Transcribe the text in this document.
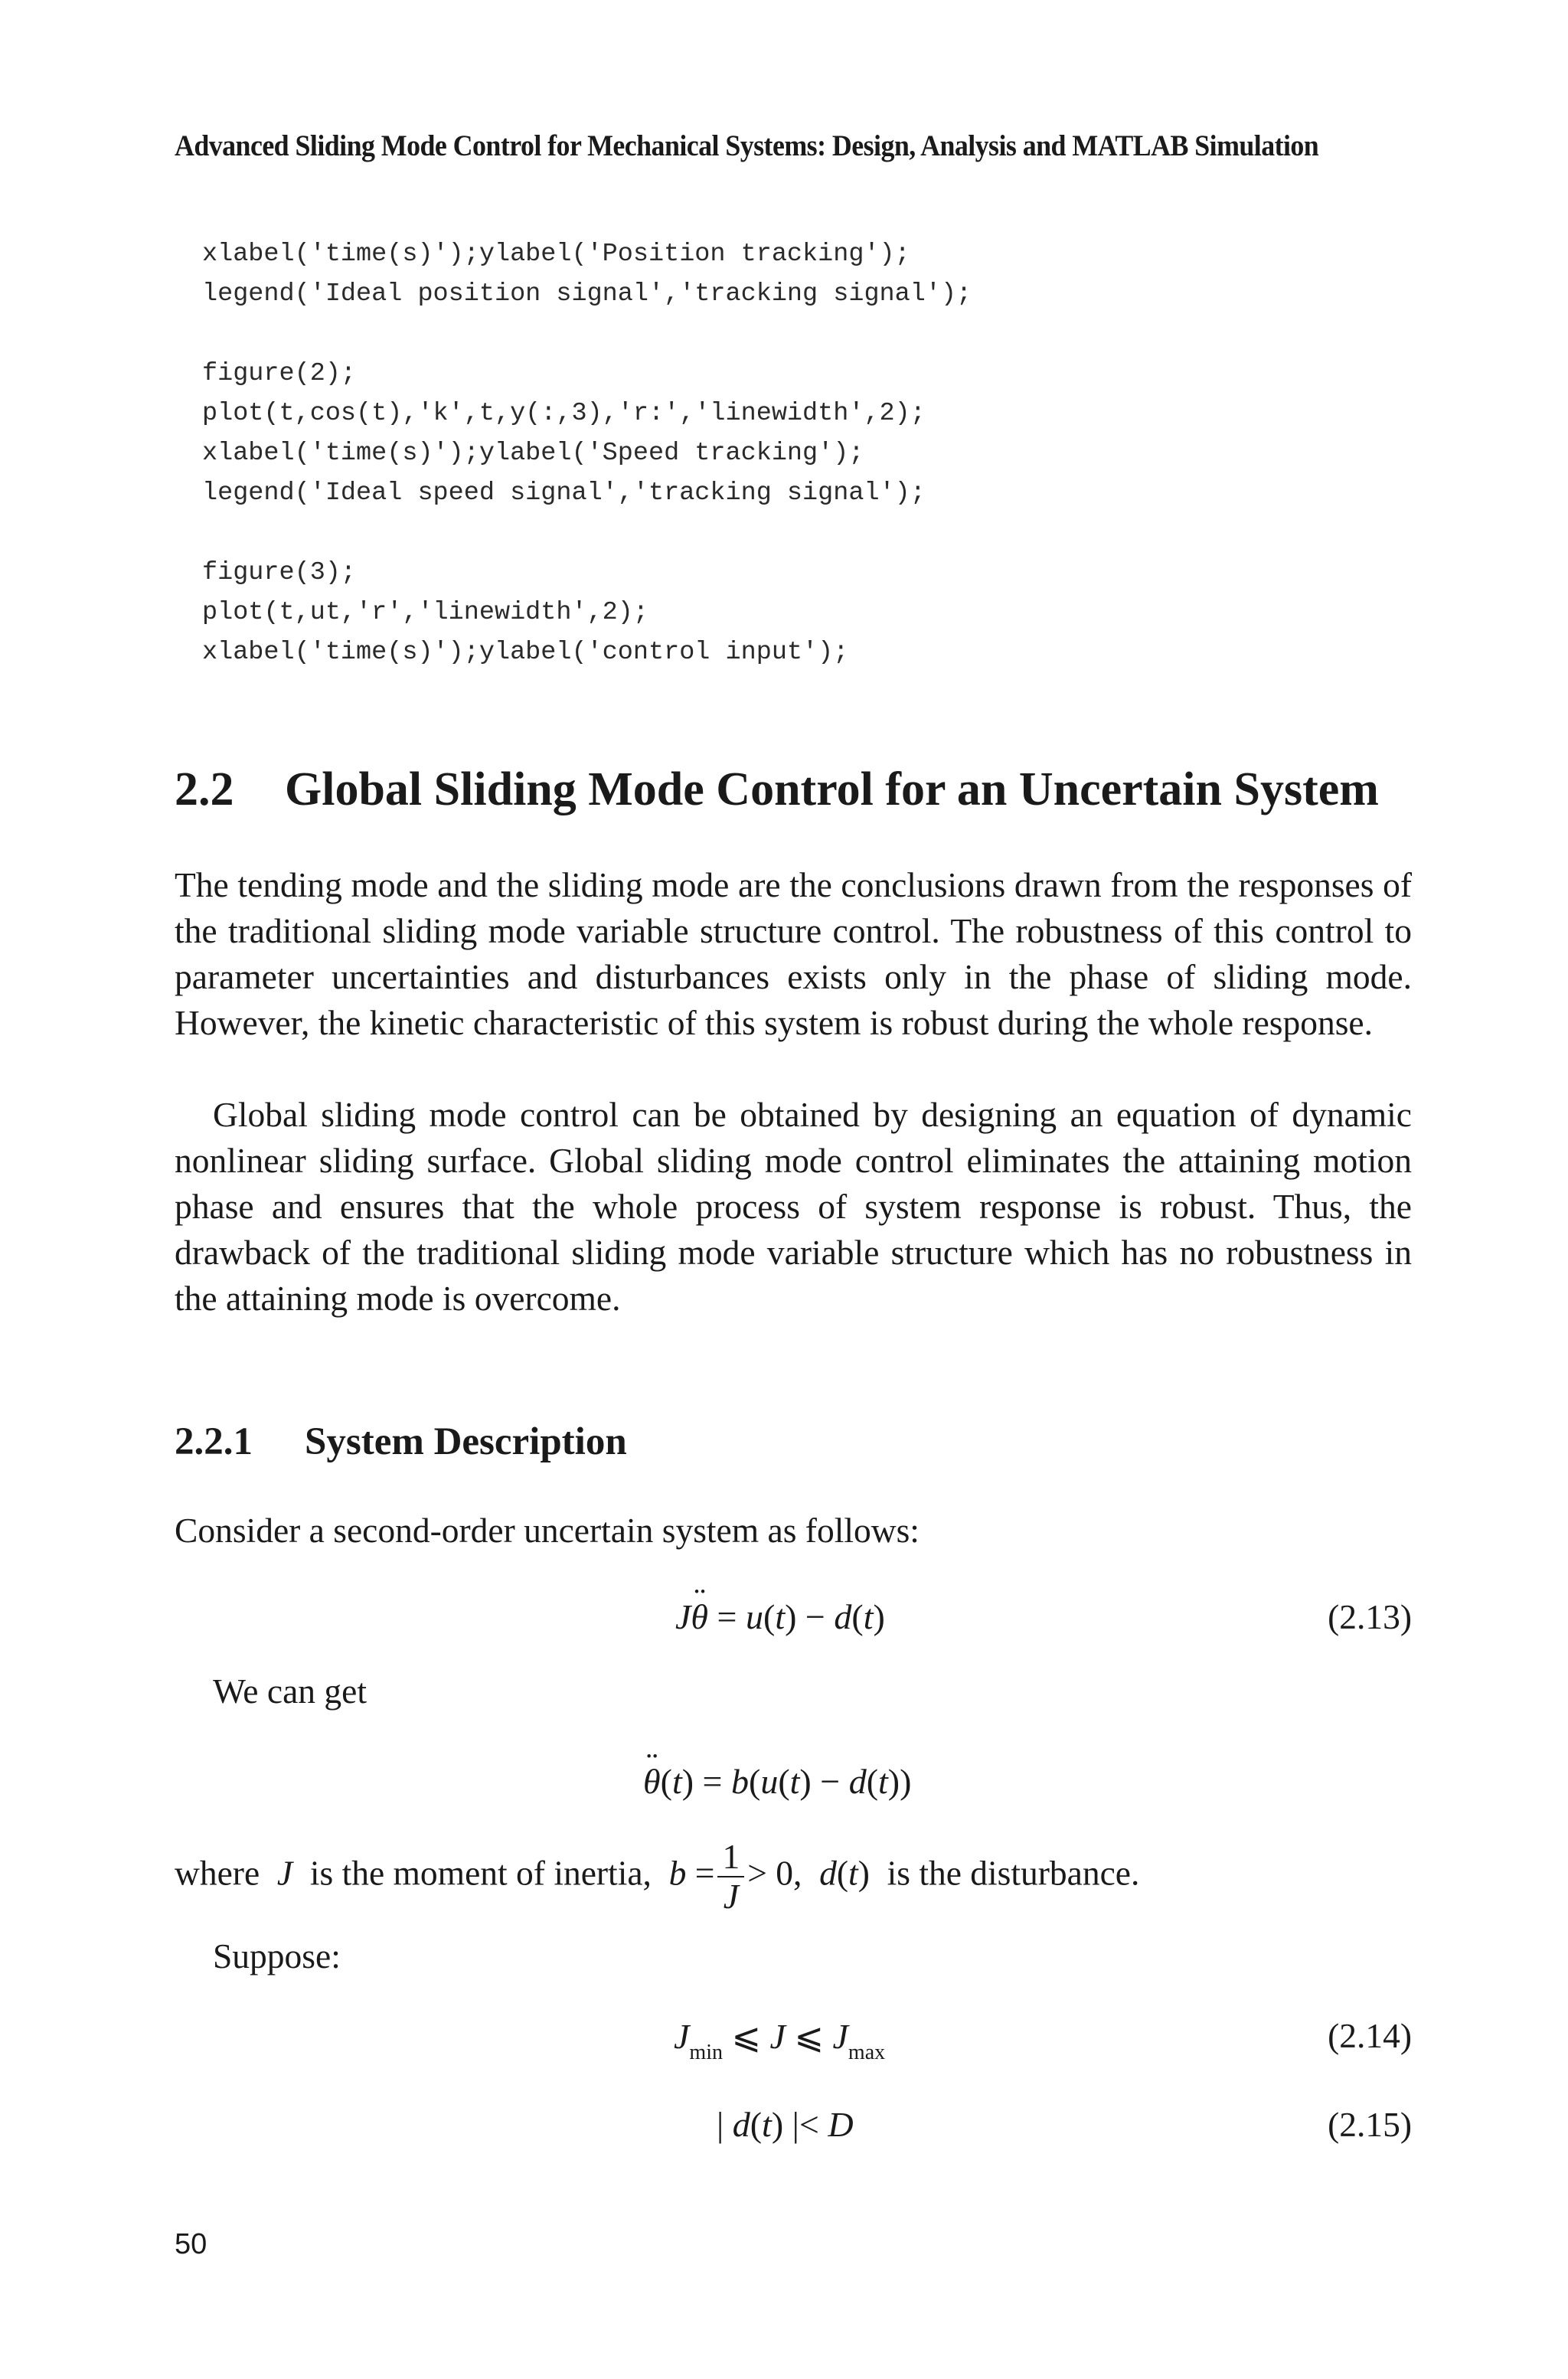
Advanced Sliding Mode Control for Mechanical Systems: Design, Analysis and MATLAB Simulation
xlabel('time(s)');ylabel('Position tracking');
legend('Ideal position signal','tracking signal');
figure(2);
plot(t,cos(t),'k',t,y(:,3),'r:','linewidth',2);
xlabel('time(s)');ylabel('Speed tracking');
legend('Ideal speed signal','tracking signal');
figure(3);
plot(t,ut,'r','linewidth',2);
xlabel('time(s)');ylabel('control input');
2.2 Global Sliding Mode Control for an Uncertain System
The tending mode and the sliding mode are the conclusions drawn from the responses of the traditional sliding mode variable structure control. The robustness of this control to parameter uncertainties and disturbances exists only in the phase of sliding mode. However, the kinetic characteristic of this system is robust during the whole response.
Global sliding mode control can be obtained by designing an equation of dynamic nonlinear sliding surface. Global sliding mode control eliminates the attaining motion phase and ensures that the whole process of system response is robust. Thus, the drawback of the traditional sliding mode variable structure which has no robustness in the attaining mode is overcome.
2.2.1 System Description
Consider a second-order uncertain system as follows:
J¨ θ = u(t) − d(t)	(2.13)
We can get
¨ θ(t) = b(u(t) − d(t))
where  J  is the moment of inertia,  $b = \frac{1}{J} > 0$,  d(t)  is the disturbance.
Suppose:
$J_{min}$ ⩽ J ⩽ $J_{max}$	(2.14)
| d(t) |< D	(2.15)
50
